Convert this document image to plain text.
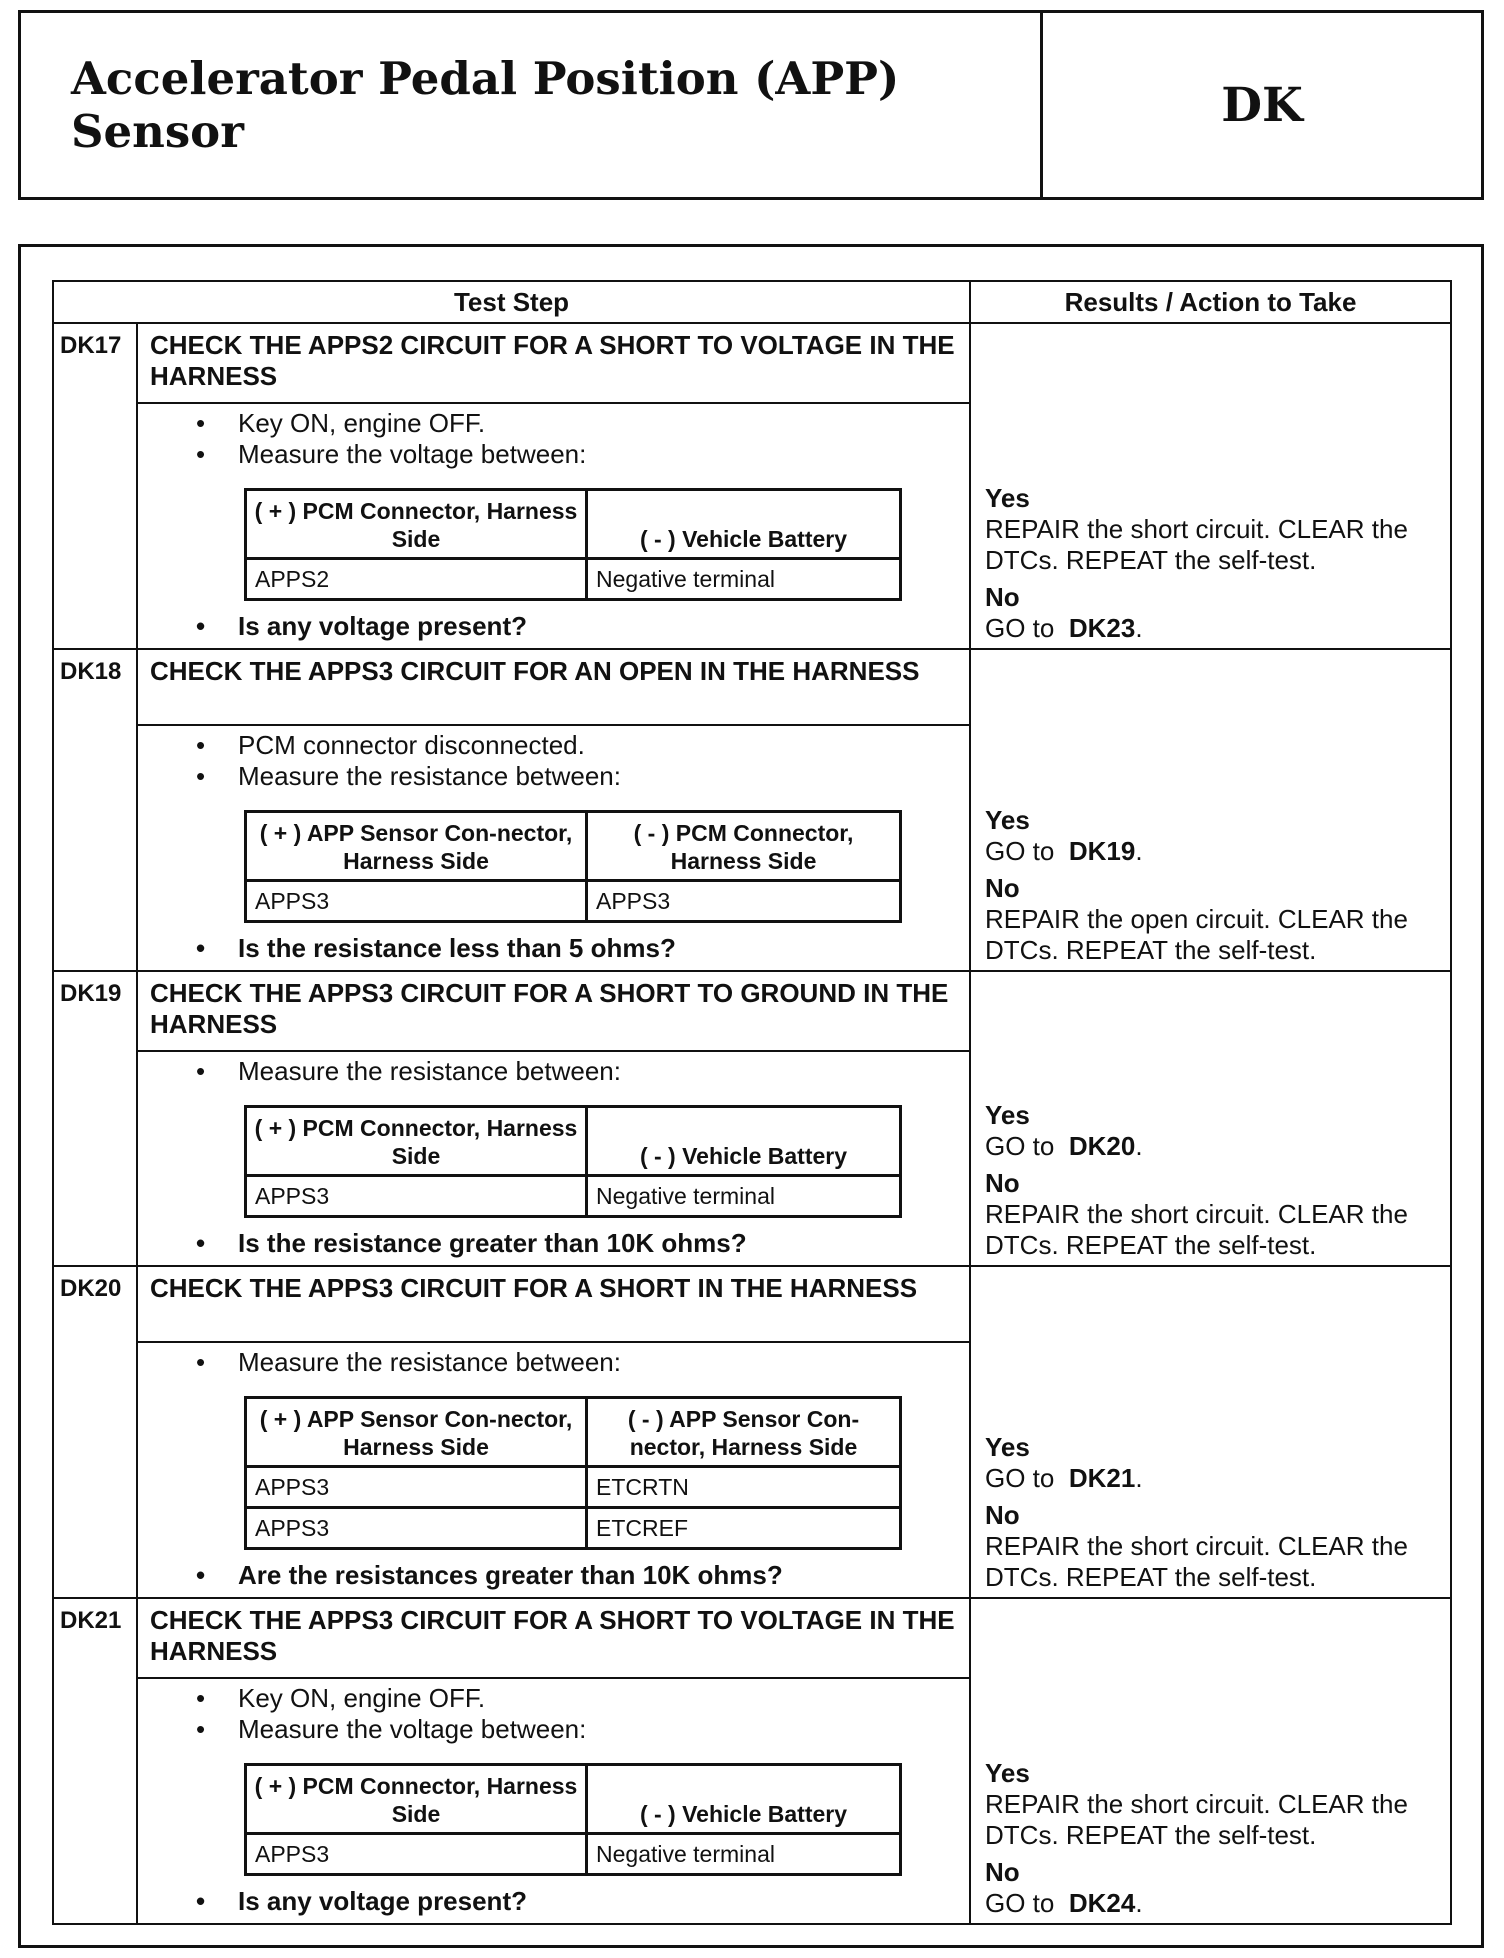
Accelerator Pedal Position (APP) Sensor	DK
Test Step	Results / Action to Take
DK17	CHECK THE APPS2 CIRCUIT FOR A SHORT TO VOLTAGE IN THE HARNESS	
Yes
REPAIR the short circuit. CLEAR the DTCs. REPEAT the self-test.
No
GO to DK23.

• Key ON, engine OFF.
• Measure the voltage between:
( + ) PCM Connector, Harness Side	( - ) Vehicle Battery
APPS2	Negative terminal
• Is any voltage present?

DK18	CHECK THE APPS3 CIRCUIT FOR AN OPEN IN THE HARNESS	
Yes
GO to DK19.
No
REPAIR the open circuit. CLEAR the DTCs. REPEAT the self-test.

• PCM connector disconnected.
• Measure the resistance between:
( + ) APP Sensor Con-nector, Harness Side	( - ) PCM Connector, Harness Side
APPS3	APPS3
• Is the resistance less than 5 ohms?

DK19	CHECK THE APPS3 CIRCUIT FOR A SHORT TO GROUND IN THE HARNESS	
Yes
GO to DK20.
No
REPAIR the short circuit. CLEAR the DTCs. REPEAT the self-test.

• Measure the resistance between:
( + ) PCM Connector, Harness Side	( - ) Vehicle Battery
APPS3	Negative terminal
• Is the resistance greater than 10K ohms?

DK20	CHECK THE APPS3 CIRCUIT FOR A SHORT IN THE HARNESS	
Yes
GO to DK21.
No
REPAIR the short circuit. CLEAR the DTCs. REPEAT the self-test.

• Measure the resistance between:
( + ) APP Sensor Con-nector, Harness Side	( - ) APP Sensor Con-nector, Harness Side
APPS3	ETCRTN
APPS3	ETCREF
• Are the resistances greater than 10K ohms?

DK21	CHECK THE APPS3 CIRCUIT FOR A SHORT TO VOLTAGE IN THE HARNESS	
Yes
REPAIR the short circuit. CLEAR the DTCs. REPEAT the self-test.
No
GO to DK24.

• Key ON, engine OFF.
• Measure the voltage between:
( + ) PCM Connector, Harness Side	( - ) Vehicle Battery
APPS3	Negative terminal
• Is any voltage present?
